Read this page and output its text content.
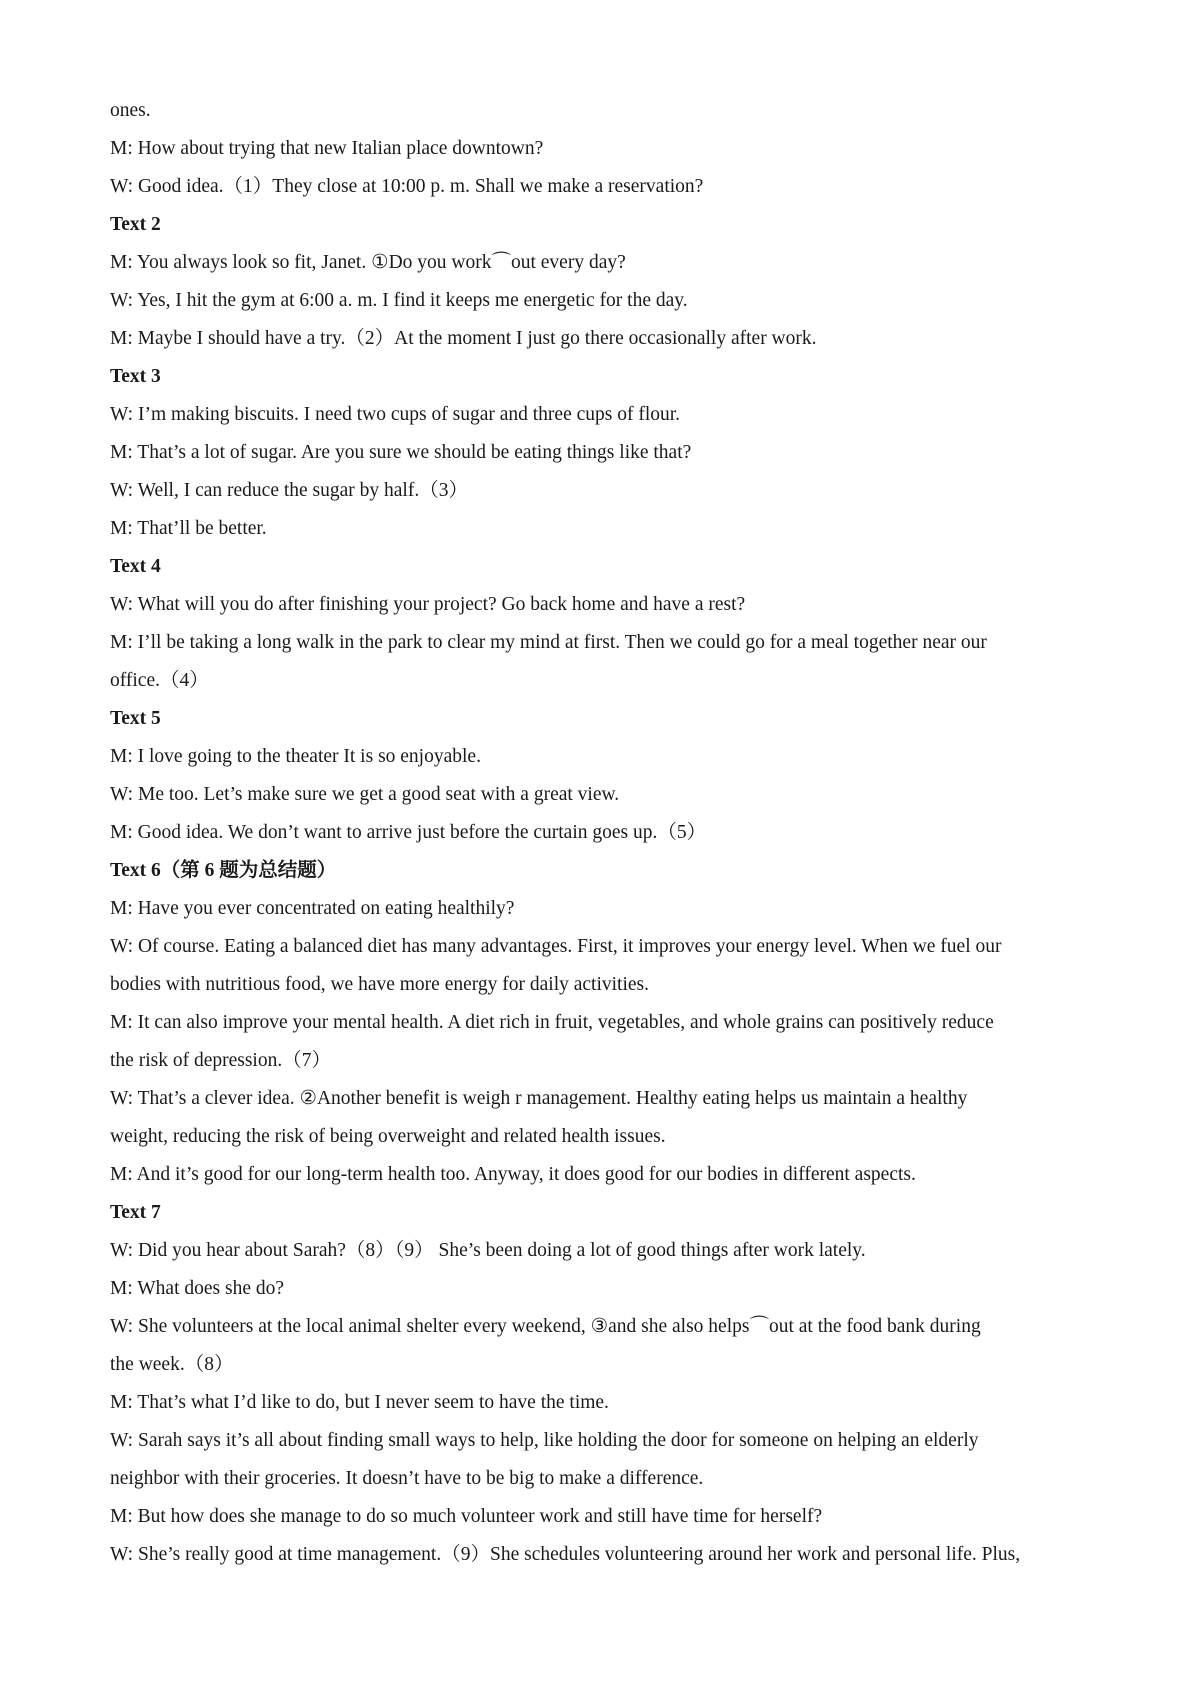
ones.
M: How about trying that new Italian place downtown?
W: Good idea.（1）They close at 10:00 p. m. Shall we make a reservation?
Text 2
M: You always look so fit, Janet. ①Do you work⌒out every day?
W: Yes, I hit the gym at 6:00 a. m. I find it keeps me energetic for the day.
M: Maybe I should have a try.（2）At the moment I just go there occasionally after work.
Text 3
W: I’m making biscuits. I need two cups of sugar and three cups of flour.
M: That’s a lot of sugar. Are you sure we should be eating things like that?
W: Well, I can reduce the sugar by half.（3）
M: That’ll be better.
Text 4
W: What will you do after finishing your project? Go back home and have a rest?
M: I’ll be taking a long walk in the park to clear my mind at first. Then we could go for a meal together near our
office.（4）
Text 5
M: I love going to the theater It is so enjoyable.
W: Me too. Let’s make sure we get a good seat with a great view.
M: Good idea. We don’t want to arrive just before the curtain goes up.（5）
Text 6（第 6 题为总结题）
M: Have you ever concentrated on eating healthily?
W: Of course. Eating a balanced diet has many advantages. First, it improves your energy level. When we fuel our
bodies with nutritious food, we have more energy for daily activities.
M: It can also improve your mental health. A diet rich in fruit, vegetables, and whole grains can positively reduce
the risk of depression.（7）
W: That’s a clever idea. ②Another benefit is weigh r management. Healthy eating helps us maintain a healthy
weight, reducing the risk of being overweight and related health issues.
M: And it’s good for our long-term health too. Anyway, it does good for our bodies in different aspects.
Text 7
W: Did you hear about Sarah?（8）（9） She’s been doing a lot of good things after work lately.
M: What does she do?
W: She volunteers at the local animal shelter every weekend, ③and she also helps⌒out at the food bank during
the week.（8）
M: That’s what I’d like to do, but I never seem to have the time.
W: Sarah says it’s all about finding small ways to help, like holding the door for someone on helping an elderly
neighbor with their groceries. It doesn’t have to be big to make a difference.
M: But how does she manage to do so much volunteer work and still have time for herself?
W: She’s really good at time management.（9）She schedules volunteering around her work and personal life. Plus,
